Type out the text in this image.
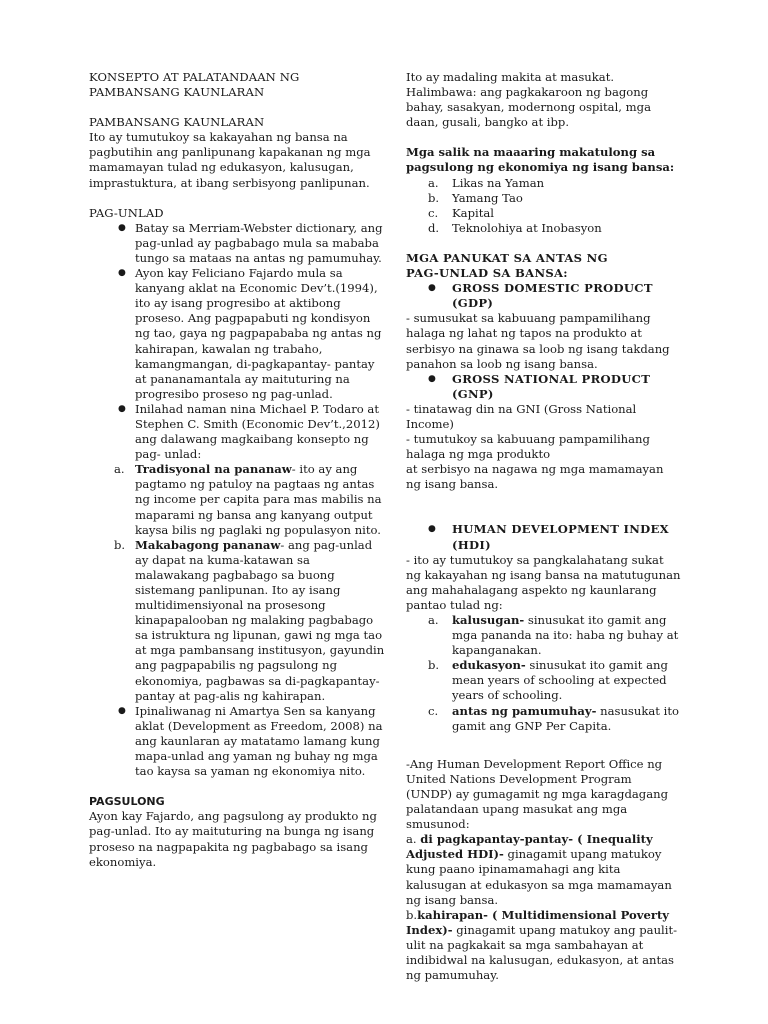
KONSEPTO AT PALATANDAAN NG
PAMBANSANG KAUNLARAN
PAMBANSANG KAUNLARAN
Ito ay tumutukoy sa kakayahan ng bansa na pagbutihin ang panlipunang kapakanan ng mga mamamayan tulad ng edukasyon, kalusugan, imprastuktura, at ibang serbisyong panlipunan.
PAG-UNLAD
● Batay sa Merriam-Webster dictionary, ang pag-unlad ay pagbabago mula sa mababa tungo sa mataas na antas ng pamumuhay.
● Ayon kay Feliciano Fajardo mula sa kanyang aklat na Economic Dev’t.(1994), ito ay isang progresibo at aktibong proseso. Ang pagpapabuti ng kondisyon ng tao, gaya ng pagpapababa ng antas ng kahirapan, kawalan ng trabaho, kamangmangan, di-pagkapantay- pantay at pananamantala ay maituturing na progresibo proseso ng pag-unlad.
● Inilahad naman nina Michael P. Todaro at Stephen C. Smith (Economic Dev’t.,2012) ang dalawang magkaibang konsepto ng pag- unlad:
a. Tradisyonal na pananaw- ito ay ang pagtamo ng patuloy na pagtaas ng antas ng income per capita para mas mabilis na maparami ng bansa ang kanyang output kaysa bilis ng paglaki ng populasyon nito.
b. Makabagong pananaw- ang pag-unlad ay dapat na kuma-katawan sa malawakang pagbabago sa buong sistemang panlipunan. Ito ay isang multidimensiyonal na prosesong kinapapalooban ng malaking pagbabago sa istruktura ng lipunan, gawi ng mga tao at mga pambansang institusyon, gayundin ang pagpapabilis ng pagsulong ng ekonomiya, pagbawas sa di-pagkapantay-pantay at pag-alis ng kahirapan.
● Ipinaliwanag ni Amartya Sen sa kanyang aklat (Development as Freedom, 2008) na ang kaunlaran ay matatamo lamang kung mapa-unlad ang yaman ng buhay ng mga tao kaysa sa yaman ng ekonomiya nito.
PAGSULONG
Ayon kay Fajardo, ang pagsulong ay produkto ng pag-unlad. Ito ay maituturing na bunga ng isang proseso na nagpapakita ng pagbabago sa isang ekonomiya.
Ito ay madaling makita at masukat. Halimbawa: ang pagkakaroon ng bagong bahay, sasakyan, modernong ospital, mga daan, gusali, bangko at ibp.
Mga salik na maaaring makatulong sa pagsulong ng ekonomiya ng isang bansa:
a. Likas na Yaman
b. Yamang Tao
c. Kapital
d. Teknolohiya at Inobasyon
MGA PANUKAT SA ANTAS NG
PAG-UNLAD SA BANSA:
● GROSS DOMESTIC PRODUCT (GDP)
- sumusukat sa kabuuang pampamilihang halaga ng lahat ng tapos na produkto at serbisyo na ginawa sa loob ng isang takdang panahon sa loob ng isang bansa.
● GROSS NATIONAL PRODUCT (GNP)
- tinatawag din na GNI (Gross National Income)
- tumutukoy sa kabuuang pampamilihang halaga ng mga produkto
at serbisyo na nagawa ng mga mamamayan ng isang bansa.
● HUMAN DEVELOPMENT INDEX (HDI)
- ito ay tumutukoy sa pangkalahatang sukat ng kakayahan ng isang bansa na matutugunan ang mahahalagang aspekto ng kaunlarang pantao tulad ng:
a. kalusugan- sinusukat ito gamit ang mga pananda na ito: haba ng buhay at kapanganakan.
b. edukasyon- sinusukat ito gamit ang mean years of schooling at expected years of schooling.
c. antas ng pamumuhay- nasusukat ito gamit ang GNP Per Capita.
-Ang Human Development Report Office ng United Nations Development Program (UNDP) ay gumagamit ng mga karagdagang palatandaan upang masukat ang mga smusunod:
a. di pagkapantay-pantay- ( Inequality Adjusted HDI)- ginagamit upang matukoy kung paano ipinamamahagi ang kita kalusugan at edukasyon sa mga mamamayan ng isang bansa.
b.kahirapan- ( Multidimensional Poverty Index)- ginagamit upang matukoy ang paulit-ulit na pagkakait sa mga sambahayan at indibidwal na kalusugan, edukasyon, at antas ng pamumuhay.
